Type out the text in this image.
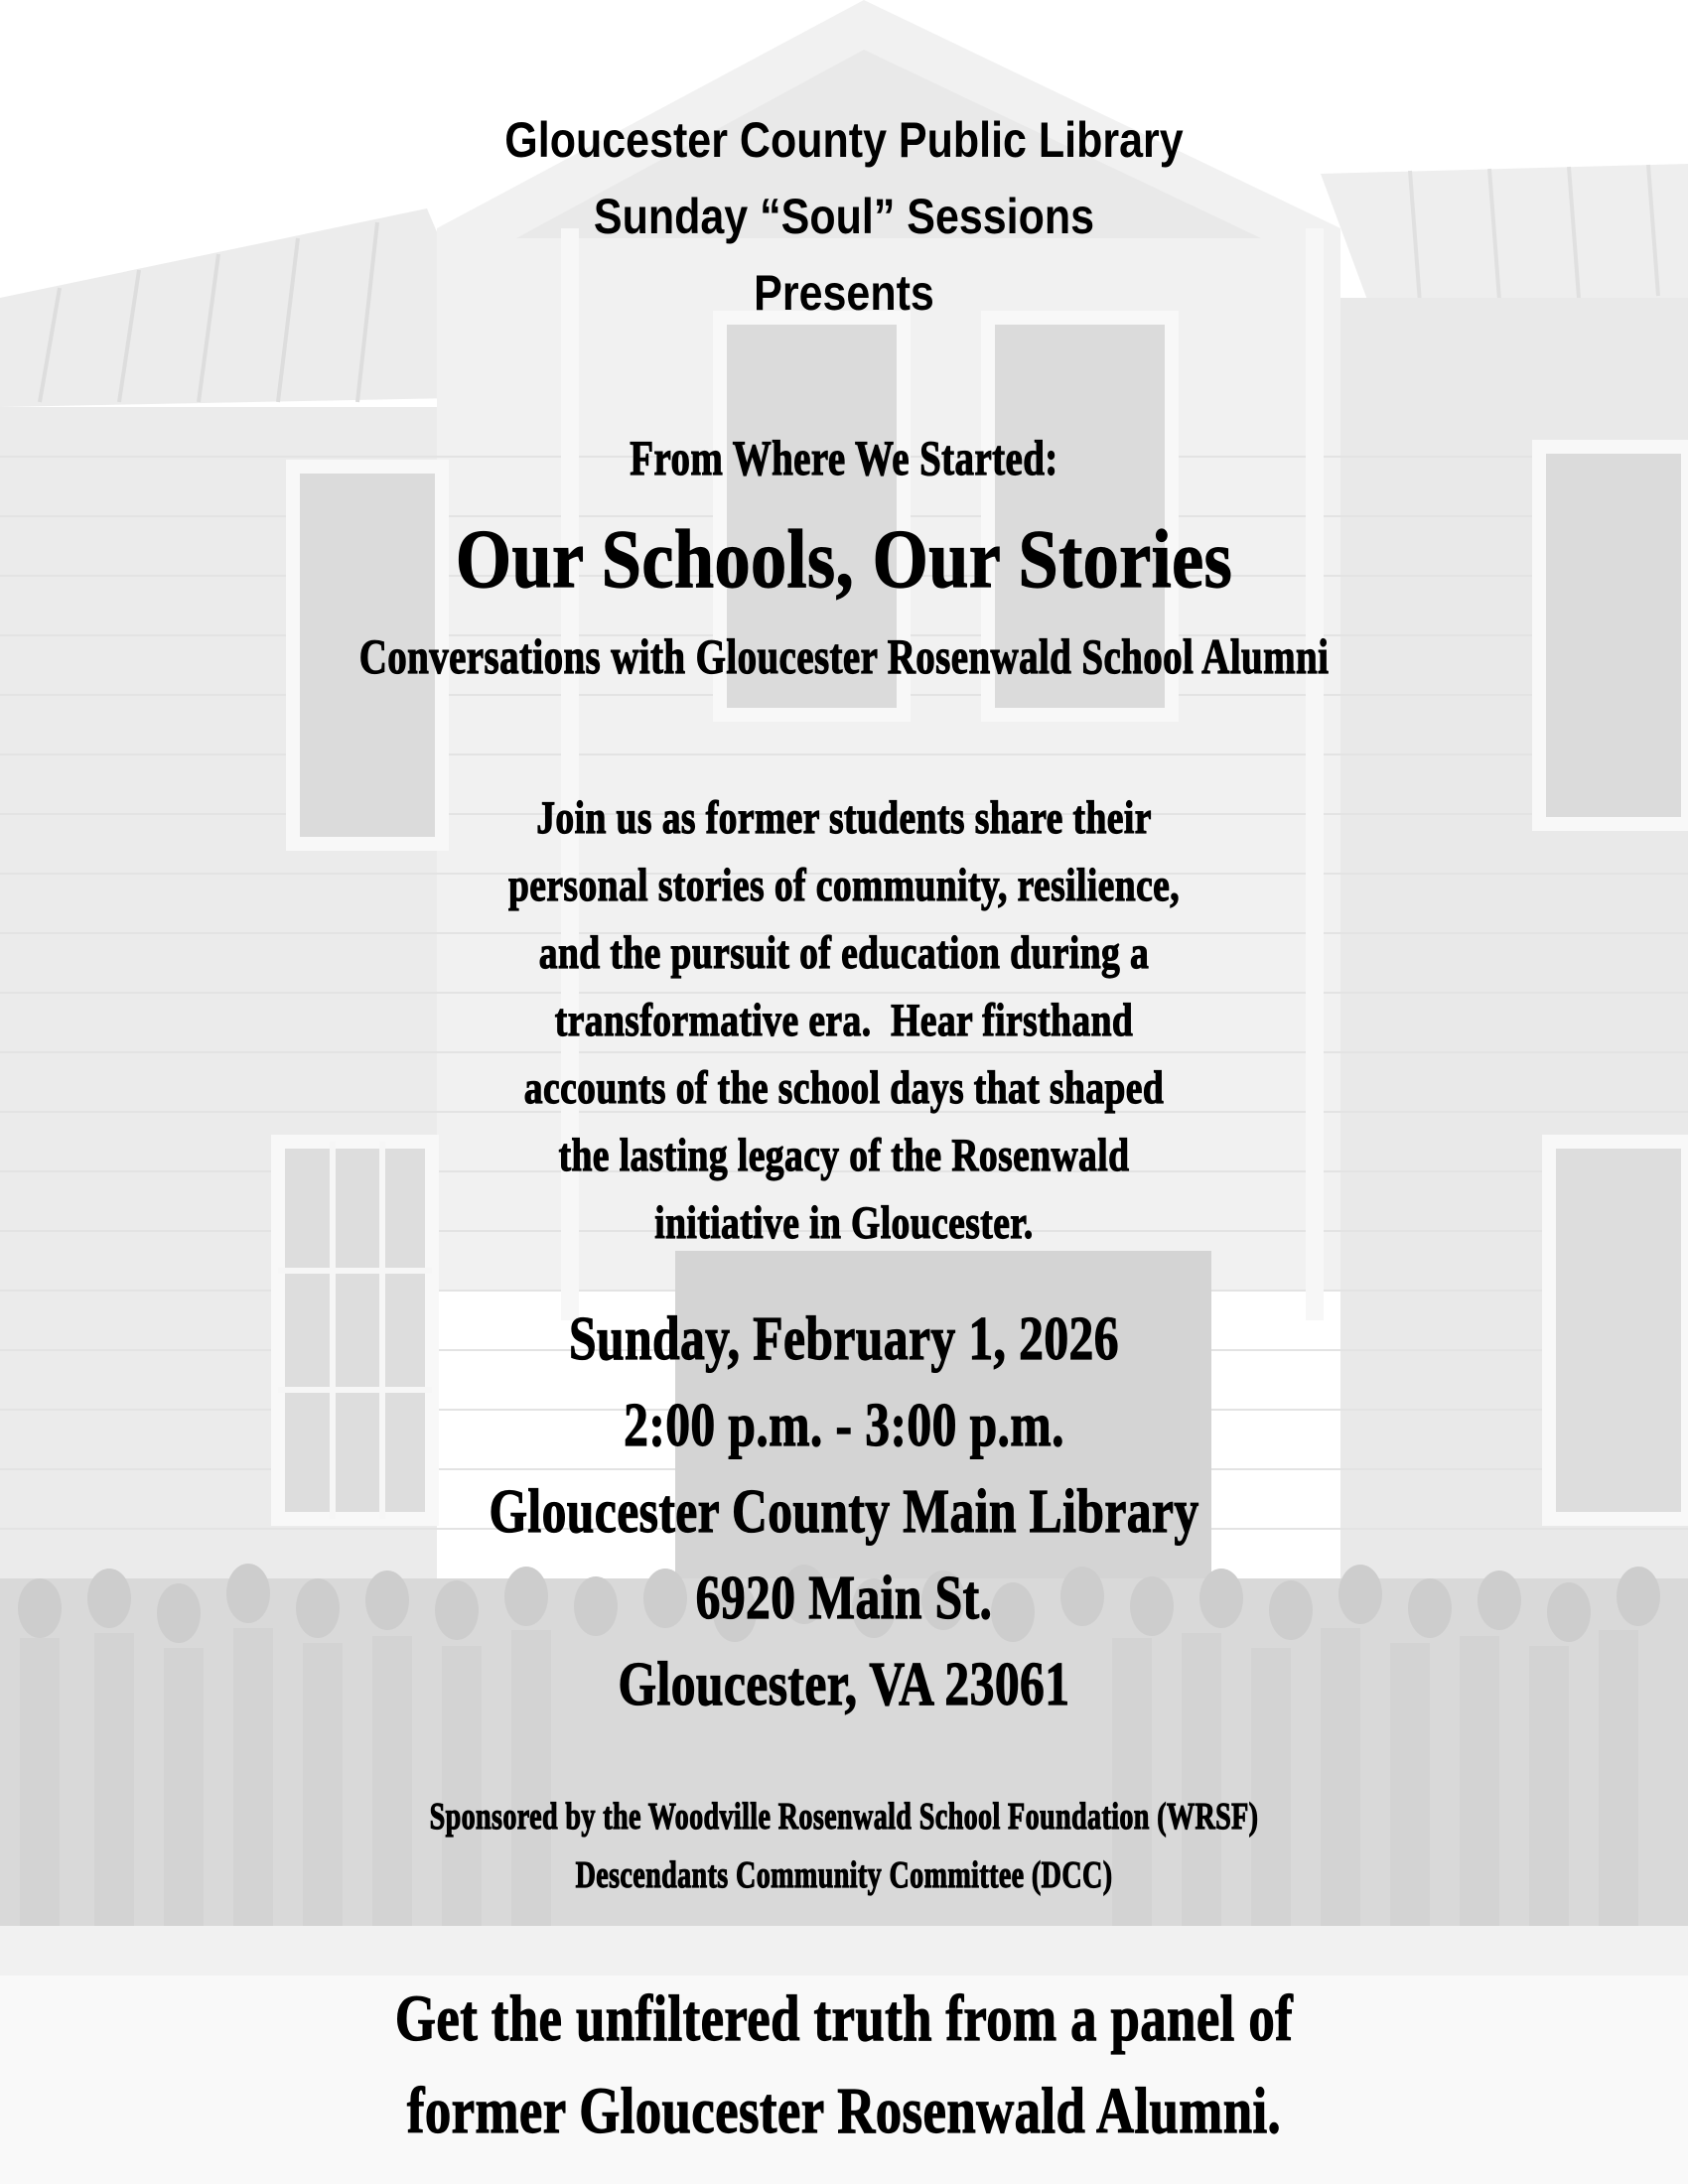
Gloucester County Public Library
Sunday “Soul” Sessions
Presents
From Where We Started:
Our Schools, Our Stories
Conversations with Gloucester Rosenwald School Alumni
Join us as former students share their
personal stories of community, resilience,
and the pursuit of education during a
transformative era.  Hear firsthand
accounts of the school days that shaped
the lasting legacy of the Rosenwald
initiative in Gloucester.
Sunday, February 1, 2026
2:00 p.m. - 3:00 p.m.
Gloucester County Main Library
6920 Main St.
Gloucester, VA 23061
Sponsored by the Woodville Rosenwald School Foundation (WRSF)
Descendants Community Committee (DCC)
Get the unfiltered truth from a panel of
former Gloucester Rosenwald Alumni.
